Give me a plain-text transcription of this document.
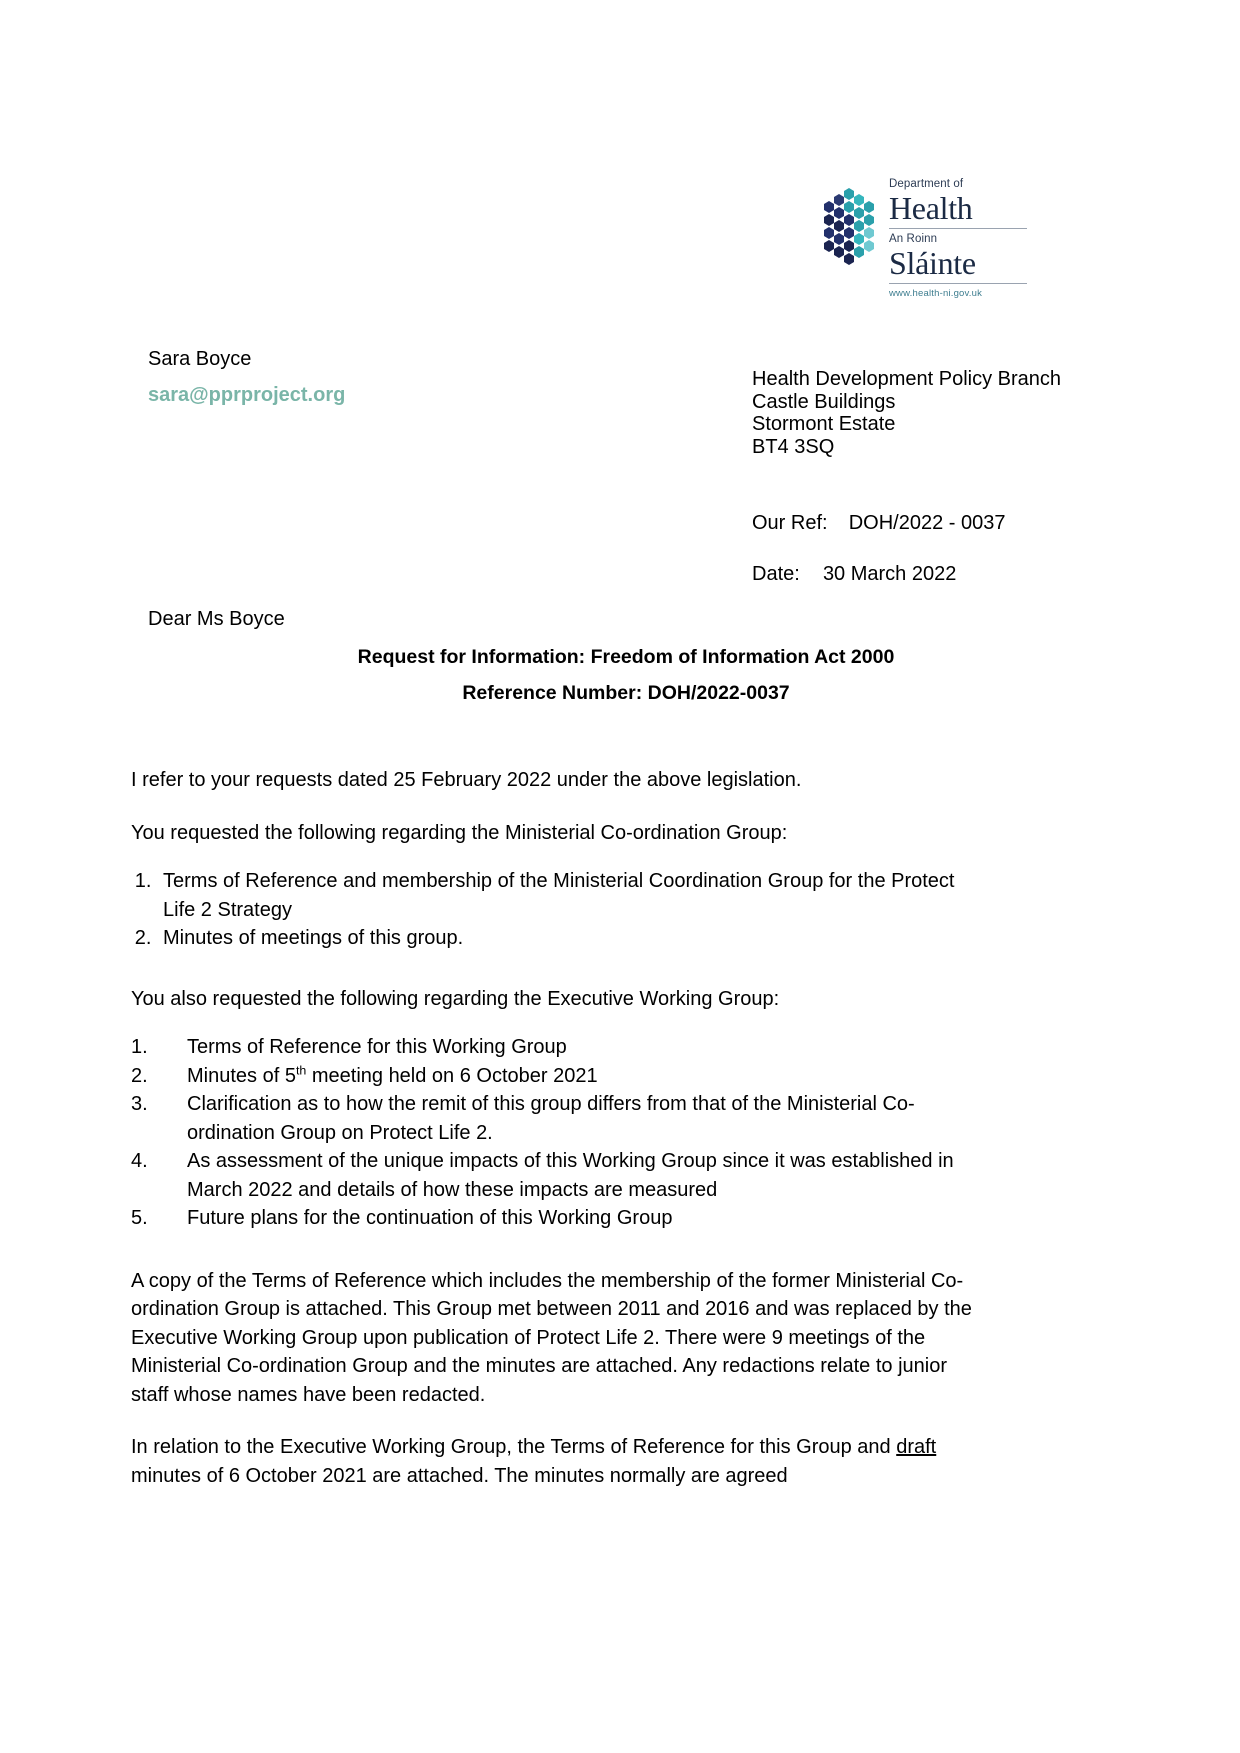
Department of
Health
An Roinn
Sláinte
www.health-ni.gov.uk
Sara Boyce
sara@pprproject.org
Health Development Policy Branch
Castle Buildings
Stormont Estate
BT4 3SQ
Our Ref: DOH/2022 - 0037
Date: 30 March 2022
Dear Ms Boyce
Request for Information: Freedom of Information Act 2000
Reference Number: DOH/2022-0037

I refer to your requests dated 25 February 2022 under the above legislation.

You requested the following regarding the Ministerial Co-ordination Group:

1. Terms of Reference and membership of the Ministerial Coordination Group for the Protect Life 2 Strategy
2. Minutes of meetings of this group.

You also requested the following regarding the Executive Working Group:

1.	Terms of Reference for this Working Group
2.	Minutes of 5th meeting held on 6 October 2021
3.	Clarification as to how the remit of this group differs from that of the Ministerial Co-ordination Group on Protect Life 2.
4.	As assessment of the unique impacts of this Working Group since it was established in March 2022 and details of how these impacts are measured
5.	Future plans for the continuation of this Working Group

A copy of the Terms of Reference which includes the membership of the former Ministerial Co-ordination Group is attached. This Group met between 2011 and 2016 and was replaced by the Executive Working Group upon publication of Protect Life 2. There were 9 meetings of the Ministerial Co-ordination Group and the minutes are attached. Any redactions relate to junior staff whose names have been redacted.

In relation to the Executive Working Group, the Terms of Reference for this Group and draft minutes of 6 October 2021 are attached. The minutes normally are agreed
